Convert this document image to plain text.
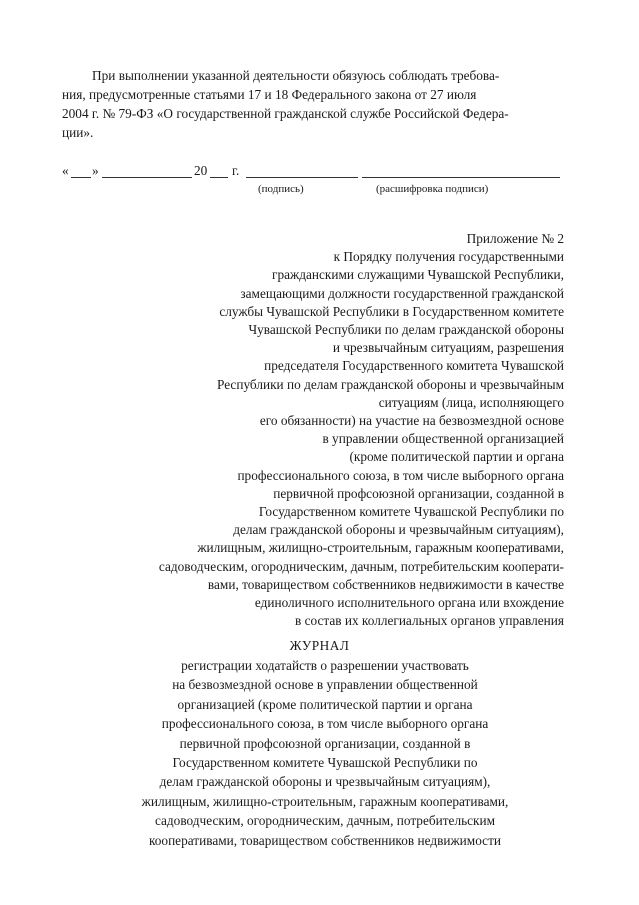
При выполнении указанной деятельности обязуюсь соблюдать требова-
ния, предусмотренные статьями 17 и 18 Федерального закона от 27 июля
2004 г. № 79-ФЗ «О государственной гражданской службе Российской Федера-
ции».
« »	20 г.
(подпись)	(расшифровка подписи)
Приложение № 2
к Порядку получения государственными
гражданскими служащими Чувашской Республики,
замещающими должности государственной гражданской
службы Чувашской Республики в Государственном комитете
Чувашской Республики по делам гражданской обороны
и чрезвычайным ситуациям, разрешения
председателя Государственного комитета Чувашской
Республики по делам гражданской обороны и чрезвычайным
ситуациям (лица, исполняющего
его обязанности) на участие на безвозмездной основе
в управлении общественной организацией
(кроме политической партии и органа
профессионального союза, в том числе выборного органа
первичной профсоюзной организации, созданной в
Государственном комитете Чувашской Республики по
делам гражданской обороны и чрезвычайным ситуациям),
жилищным, жилищно-строительным, гаражным кооперативами,
садоводческим, огородническим, дачным, потребительским кооперати-
вами, товариществом собственников недвижимости в качестве
единоличного исполнительного органа или вхождение
в состав их коллегиальных органов управления
ЖУРНАЛ
регистрации ходатайств о разрешении участвовать
на безвозмездной основе в управлении общественной
организацией (кроме политической партии и органа
профессионального союза, в том числе выборного органа
первичной профсоюзной организации, созданной в
Государственном комитете Чувашской Республики по
делам гражданской обороны и чрезвычайным ситуациям),
жилищным, жилищно-строительным, гаражным кооперативами,
садоводческим, огородническим, дачным, потребительским
кооперативами, товариществом собственников недвижимости
